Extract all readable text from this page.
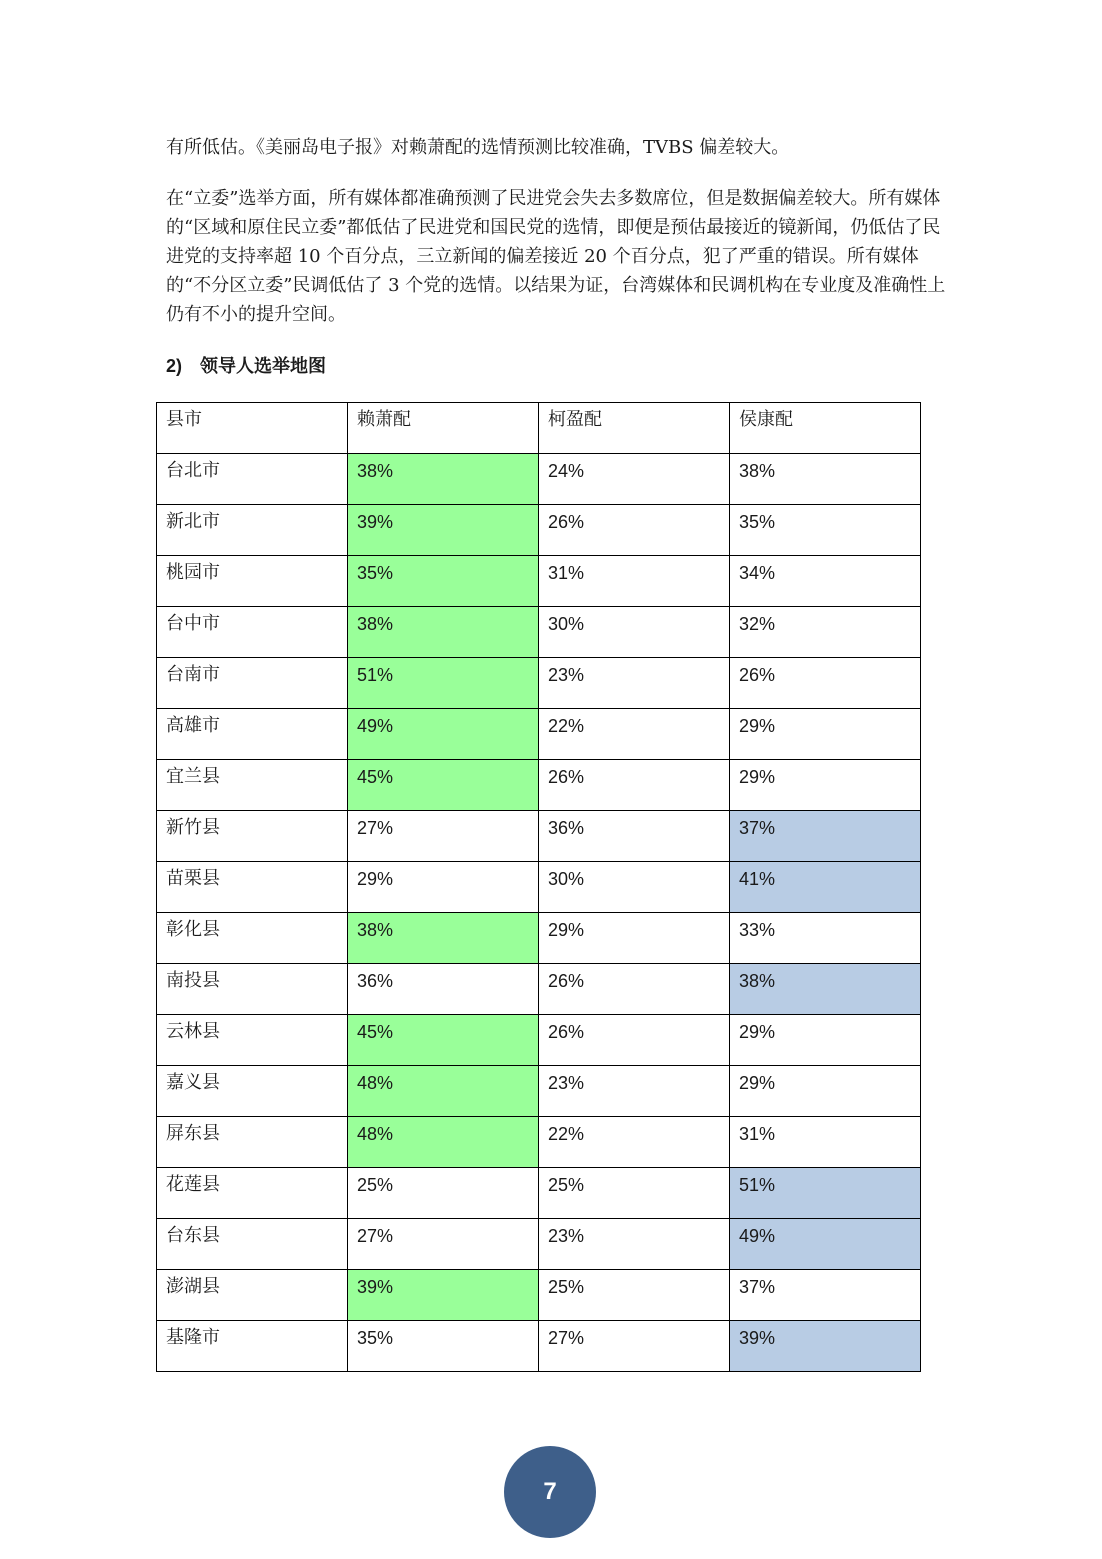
有所低估。《美丽岛电子报》对赖萧配的选情预测比较准确，TVBS 偏差较大。

在“立委”选举方面，所有媒体都准确预测了民进党会失去多数席位，但是数据偏差较大。所有媒体的“区域和原住民立委”都低估了民进党和国民党的选情，即便是预估最接近的镜新闻，仍低估了民进党的支持率超 10 个百分点，三立新闻的偏差接近 20 个百分点，犯了严重的错误。所有媒体的“不分区立委”民调低估了 3 个党的选情。以结果为证，台湾媒体和民调机构在专业度及准确性上仍有不小的提升空间。

2) 领导人选举地图
县市	赖萧配	柯盈配	侯康配

台北市	38%	24%	38%

新北市	39%	26%	35%

桃园市	35%	31%	34%

台中市	38%	30%	32%

台南市	51%	23%	26%

高雄市	49%	22%	29%

宜兰县	45%	26%	29%

新竹县	27%	36%	37%

苗栗县	29%	30%	41%

彰化县	38%	29%	33%

南投县	36%	26%	38%

云林县	45%	26%	29%

嘉义县	48%	23%	29%

屏东县	48%	22%	31%

花莲县	25%	25%	51%

台东县	27%	23%	49%

澎湖县	39%	25%	37%

基隆市	35%	27%	39%
7
